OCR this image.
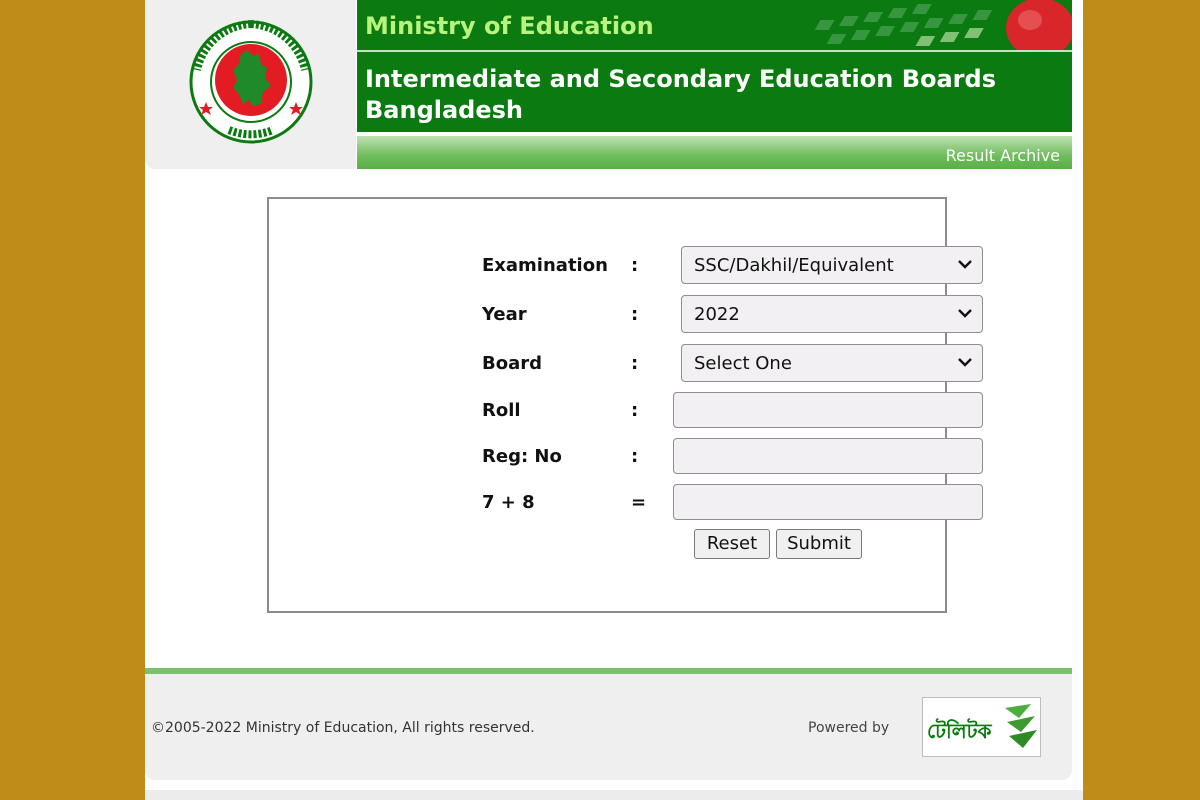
Ministry of Education
Intermediate and Secondary Education Boards Bangladesh
Result Archive
Examination :	SSC/Dakhil/Equivalent
Year	:	2022
Board	:	Select One
Roll	:
Reg: No	:
7 + 8	=
Reset	Submit
©2005-2022 Ministry of Education, All rights reserved.	Powered by টেলিটক
